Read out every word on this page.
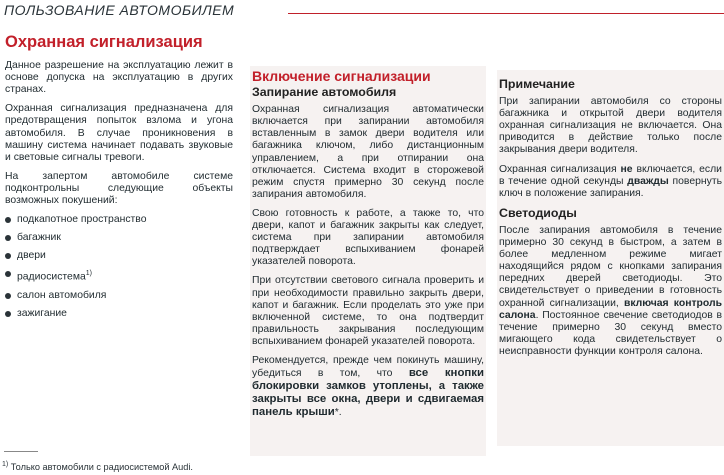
ПОЛЬЗОВАНИЕ АВТОМОБИЛЕМ
Охранная сигнализация

Данное разрешение на эксплуатацию лежит в основе допуска на эксплуатацию в других странах.

Охранная сигнализация предназначена для предотвращения попыток взлома и угона автомобиля. В случае проникновения в машину система начинает подавать звуковые и световые сигналы тревоги.

На запертом автомобиле системе подконтрольны следующие объекты возможных покушений:

подкапотное пространство
багажник
двери
радиосистема$^{1)}$
салон автомобиля
зажигание
Включение сигнализации
Запирание автомобиля

Охранная сигнализация автоматически включается при запирании автомобиля вставленным в замок двери водителя или багажника ключом, либо дистанционным управлением, а при отпирании она отключается. Система входит в сторожевой режим спустя примерно 30 секунд после запирания автомобиля.

Свою готовность к работе, а также то, что двери, капот и багажник закрыты как следует, система при запирании автомобиля подтверждает вспыхиванием фонарей указателей поворота.

При отсутствии светового сигнала проверить и при необходимости правильно закрыть двери, капот и багажник. Если проделать это уже при включенной системе, то она подтвердит правильность закрывания последующим вспыхиванием фонарей указателей поворота.

Рекомендуется, прежде чем покинуть машину, убедиться в том, что все кнопки блокировки замков утоплены, а также закрыты все окна, двери и сдвигаемая панель крыши*.

Примечание

При запирании автомобиля со стороны багажника и открытой двери водителя охранная сигнализация не включается. Она приводится в действие только после закрывания двери водителя.

Охранная сигнализация не включается, если в течение одной секунды дважды повернуть ключ в положение запирания.

Светодиоды

После запирания автомобиля в течение примерно 30 секунд в быстром, а затем в более медленном режиме мигает находящийся рядом с кнопками запирания передних дверей светодиоды. Это свидетельствует о приведении в готовность охранной сигнализации, включая контроль салона. Постоянное свечение светодиодов в течение примерно 30 секунд вместо мигающего кода свидетельствует о неисправности функции контроля салона.

$^{1)}$ Только автомобили с радиосистемой Audi.
